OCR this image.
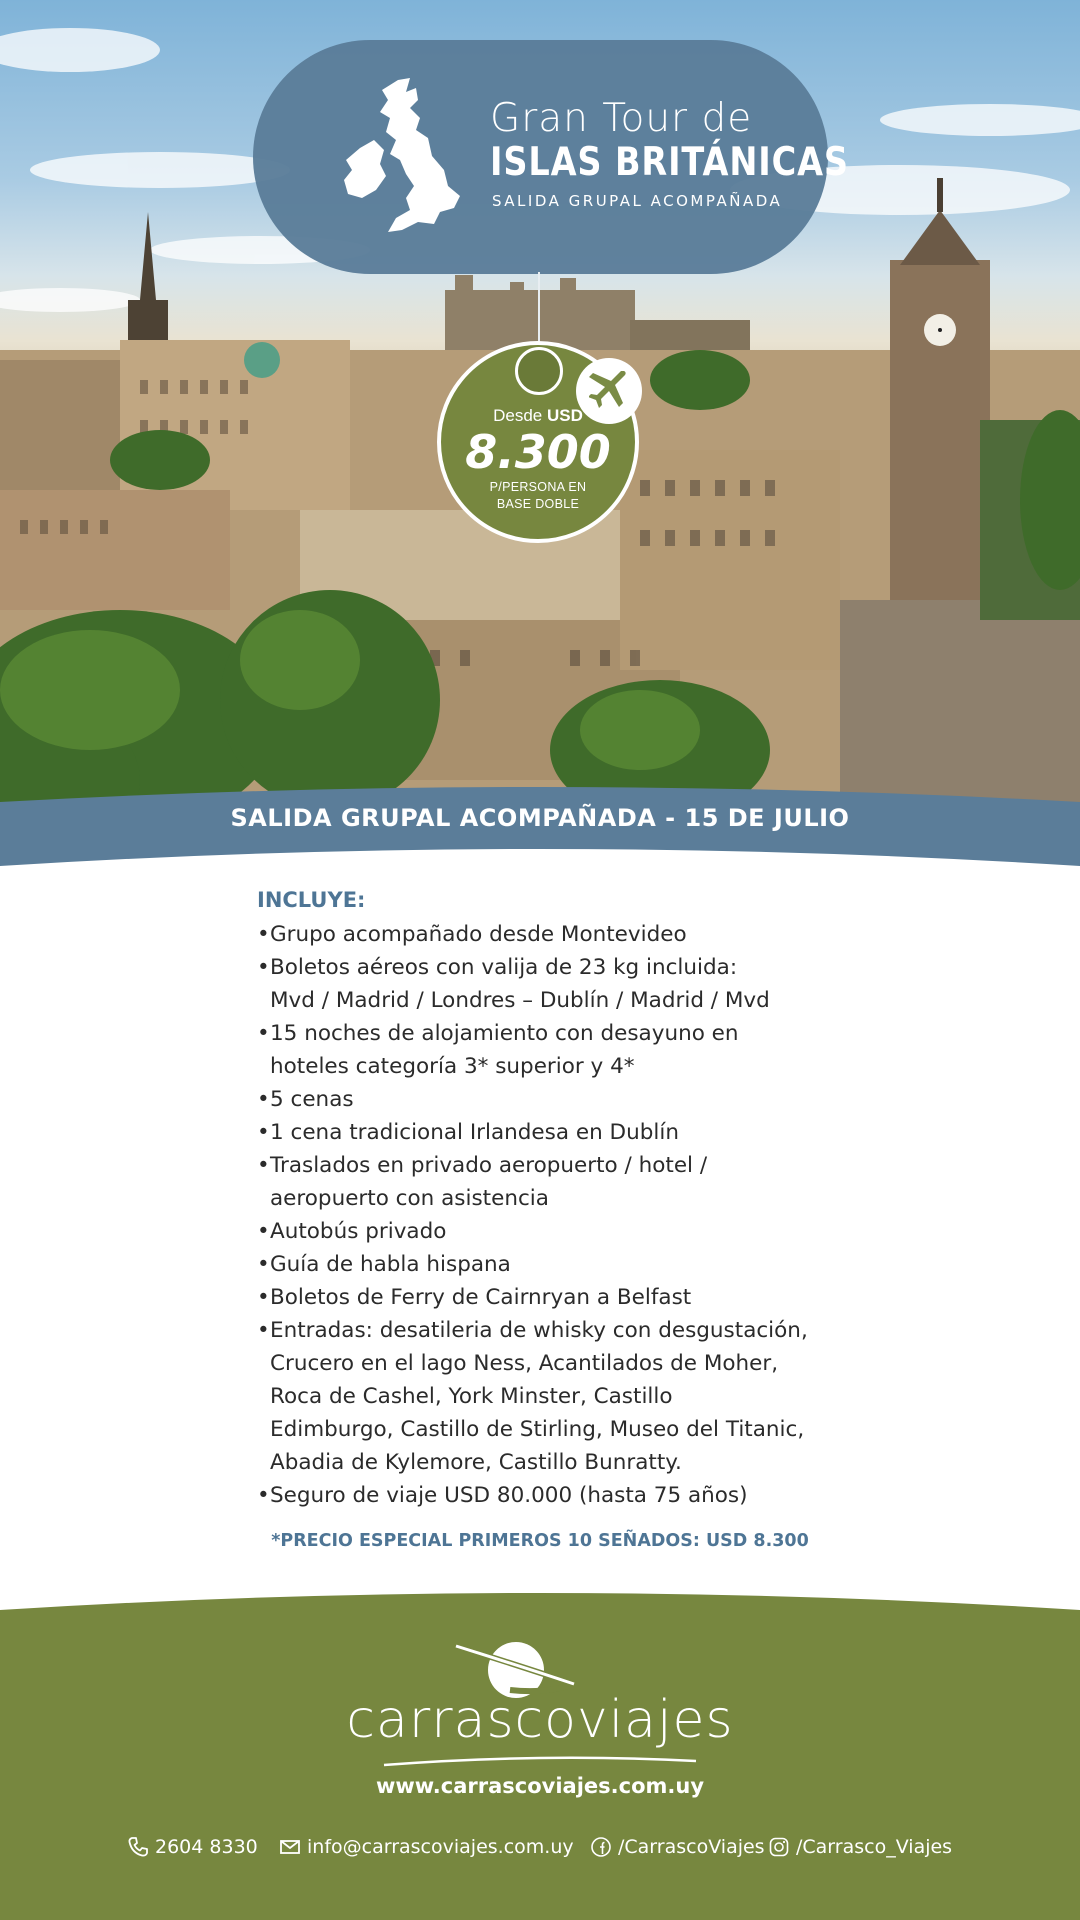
Gran Tour de
ISLAS BRITÁNICAS
SALIDA GRUPAL ACOMPAÑADA
Desde USD
8.300
P/PERSONA EN
BASE DOBLE
SALIDA GRUPAL ACOMPAÑADA - 15 DE JULIO
INCLUYE:
• Grupo acompañado desde Montevideo
• Boletos aéreos con valija de 23 kg incluida:
Mvd / Madrid / Londres – Dublín / Madrid / Mvd
• 15 noches de alojamiento con desayuno en
hoteles categoría 3* superior y 4*
• 5 cenas
• 1 cena tradicional Irlandesa en Dublín
• Traslados en privado aeropuerto / hotel /
aeropuerto con asistencia
• Autobús privado
• Guía de habla hispana
• Boletos de Ferry de Cairnryan a Belfast
• Entradas: desatileria de whisky con desgustación,
Crucero en el lago Ness, Acantilados de Moher,
Roca de Cashel, York Minster, Castillo
Edimburgo, Castillo de Stirling, Museo del Titanic,
Abadia de Kylemore, Castillo Bunratty.
• Seguro de viaje USD 80.000 (hasta 75 años)
*PRECIO ESPECIAL PRIMEROS 10 SEÑADOS: USD 8.300
carrascoviajes
www.carrascoviajes.com.uy
2604 8330	info@carrascoviajes.com.uy /CarrascoViajes /Carrasco_Viajes
